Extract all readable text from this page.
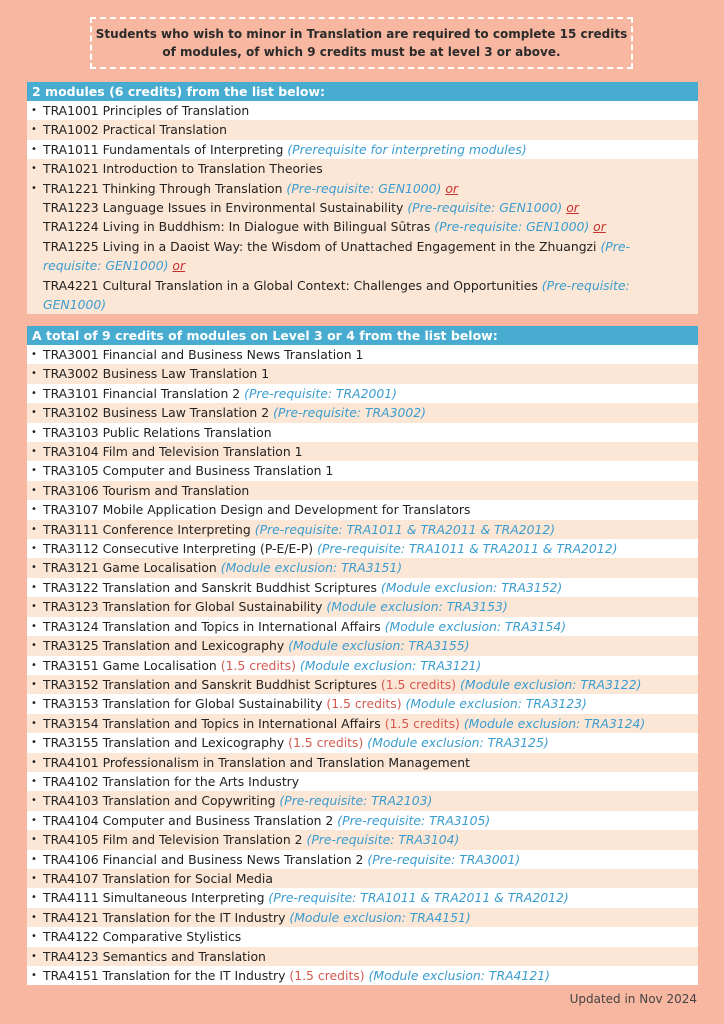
Students who wish to minor in Translation are required to complete 15 credits
of modules, of which 9 credits must be at level 3 or above.
2 modules (6 credits) from the list below:
• TRA1001 Principles of Translation
• TRA1002 Practical Translation
• TRA1011 Fundamentals of Interpreting (Prerequisite for interpreting modules)
• TRA1021 Introduction to Translation Theories
• TRA1221 Thinking Through Translation (Pre-requisite: GEN1000) or
TRA1223 Language Issues in Environmental Sustainability (Pre-requisite: GEN1000) or
TRA1224 Living in Buddhism: In Dialogue with Bilingual Sūtras (Pre-requisite: GEN1000) or
TRA1225 Living in a Daoist Way: the Wisdom of Unattached Engagement in the Zhuangzi (Pre-requisite: GEN1000) or
TRA4221 Cultural Translation in a Global Context: Challenges and Opportunities (Pre-requisite: GEN1000)
A total of 9 credits of modules on Level 3 or 4 from the list below:
• TRA3001 Financial and Business News Translation 1
• TRA3002 Business Law Translation 1
• TRA3101 Financial Translation 2 (Pre-requisite: TRA2001)
• TRA3102 Business Law Translation 2 (Pre-requisite: TRA3002)
• TRA3103 Public Relations Translation
• TRA3104 Film and Television Translation 1
• TRA3105 Computer and Business Translation 1
• TRA3106 Tourism and Translation
• TRA3107 Mobile Application Design and Development for Translators
• TRA3111 Conference Interpreting (Pre-requisite: TRA1011 & TRA2011 & TRA2012)
• TRA3112 Consecutive Interpreting (P-E/E-P) (Pre-requisite: TRA1011 & TRA2011 & TRA2012)
• TRA3121 Game Localisation (Module exclusion: TRA3151)
• TRA3122 Translation and Sanskrit Buddhist Scriptures (Module exclusion: TRA3152)
• TRA3123 Translation for Global Sustainability (Module exclusion: TRA3153)
• TRA3124 Translation and Topics in International Affairs (Module exclusion: TRA3154)
• TRA3125 Translation and Lexicography (Module exclusion: TRA3155)
• TRA3151 Game Localisation (1.5 credits) (Module exclusion: TRA3121)
• TRA3152 Translation and Sanskrit Buddhist Scriptures (1.5 credits) (Module exclusion: TRA3122)
• TRA3153 Translation for Global Sustainability (1.5 credits) (Module exclusion: TRA3123)
• TRA3154 Translation and Topics in International Affairs (1.5 credits) (Module exclusion: TRA3124)
• TRA3155 Translation and Lexicography (1.5 credits) (Module exclusion: TRA3125)
• TRA4101 Professionalism in Translation and Translation Management
• TRA4102 Translation for the Arts Industry
• TRA4103 Translation and Copywriting (Pre-requisite: TRA2103)
• TRA4104 Computer and Business Translation 2 (Pre-requisite: TRA3105)
• TRA4105 Film and Television Translation 2 (Pre-requisite: TRA3104)
• TRA4106 Financial and Business News Translation 2 (Pre-requisite: TRA3001)
• TRA4107 Translation for Social Media
• TRA4111 Simultaneous Interpreting (Pre-requisite: TRA1011 & TRA2011 & TRA2012)
• TRA4121 Translation for the IT Industry (Module exclusion: TRA4151)
• TRA4122 Comparative Stylistics
• TRA4123 Semantics and Translation
• TRA4151 Translation for the IT Industry (1.5 credits) (Module exclusion: TRA4121)
Updated in Nov 2024
